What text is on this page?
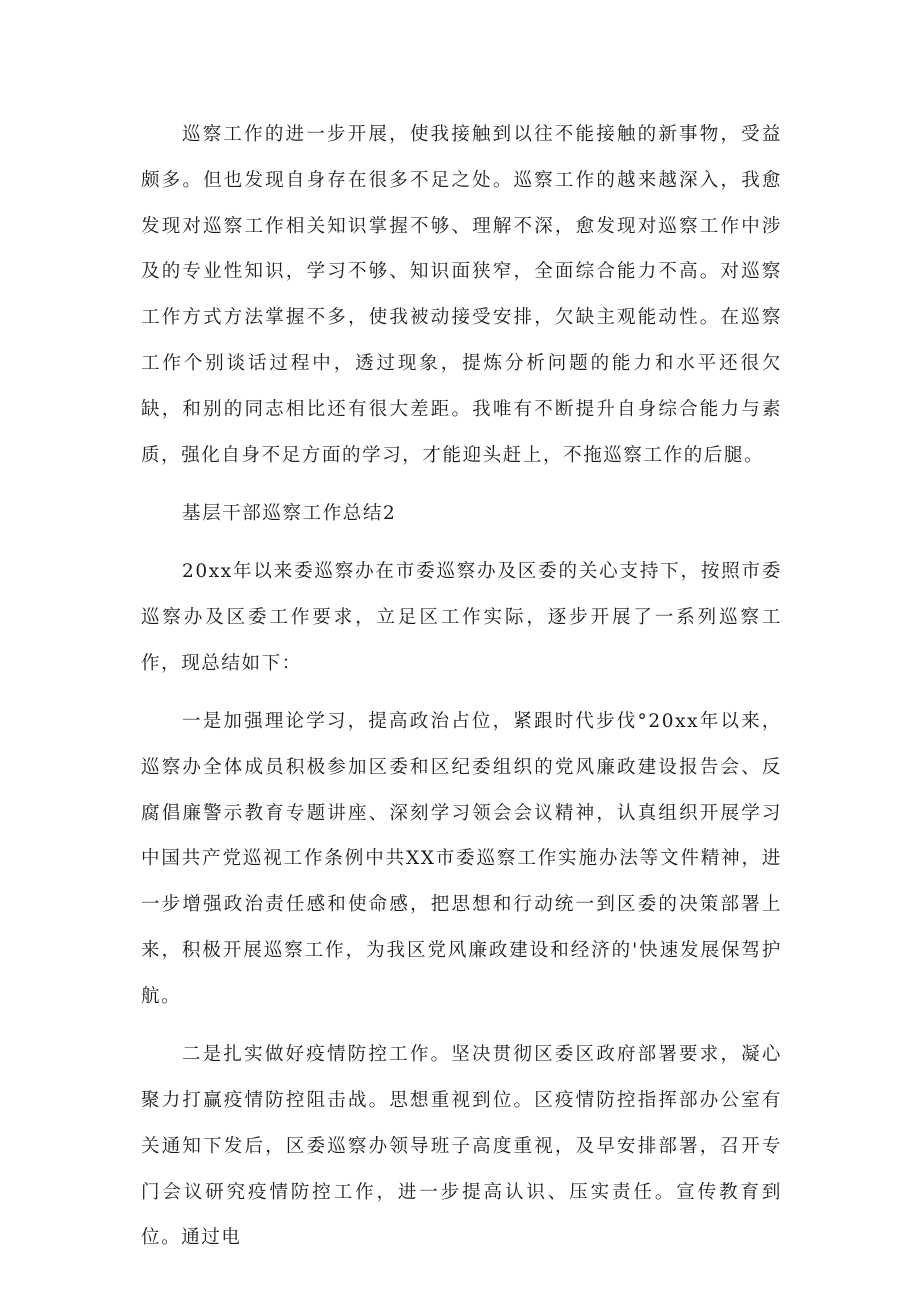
巡察工作的进一步开展，使我接触到以往不能接触的新事物，受益颇多。但也发现自身存在很多不足之处。巡察工作的越来越深入，我愈发现对巡察工作相关知识掌握不够、理解不深，愈发现对巡察工作中涉及的专业性知识，学习不够、知识面狭窄，全面综合能力不高。对巡察工作方式方法掌握不多，使我被动接受安排，欠缺主观能动性。在巡察工作个别谈话过程中，透过现象，提炼分析问题的能力和水平还很欠缺，和别的同志相比还有很大差距。我唯有不断提升自身综合能力与素质，强化自身不足方面的学习，才能迎头赶上，不拖巡察工作的后腿。

基层干部巡察工作总结2

20xx年以来委巡察办在市委巡察办及区委的关心支持下，按照市委巡察办及区委工作要求，立足区工作实际，逐步开展了一系列巡察工作，现总结如下：

一是加强理论学习，提高政治占位，紧跟时代步伐°20xx年以来，巡察办全体成员积极参加区委和区纪委组织的党风廉政建设报告会、反腐倡廉警示教育专题讲座、深刻学习领会会议精神，认真组织开展学习中国共产党巡视工作条例中共XX市委巡察工作实施办法等文件精神，进一步增强政治责任感和使命感，把思想和行动统一到区委的决策部署上来，积极开展巡察工作，为我区党风廉政建设和经济的'快速发展保驾护航。

二是扎实做好疫情防控工作。坚决贯彻区委区政府部署要求，凝心聚力打赢疫情防控阻击战。思想重视到位。区疫情防控指挥部办公室有关通知下发后，区委巡察办领导班子高度重视，及早安排部署，召开专门会议研究疫情防控工作，进一步提高认识、压实责任。宣传教育到位。通过电
